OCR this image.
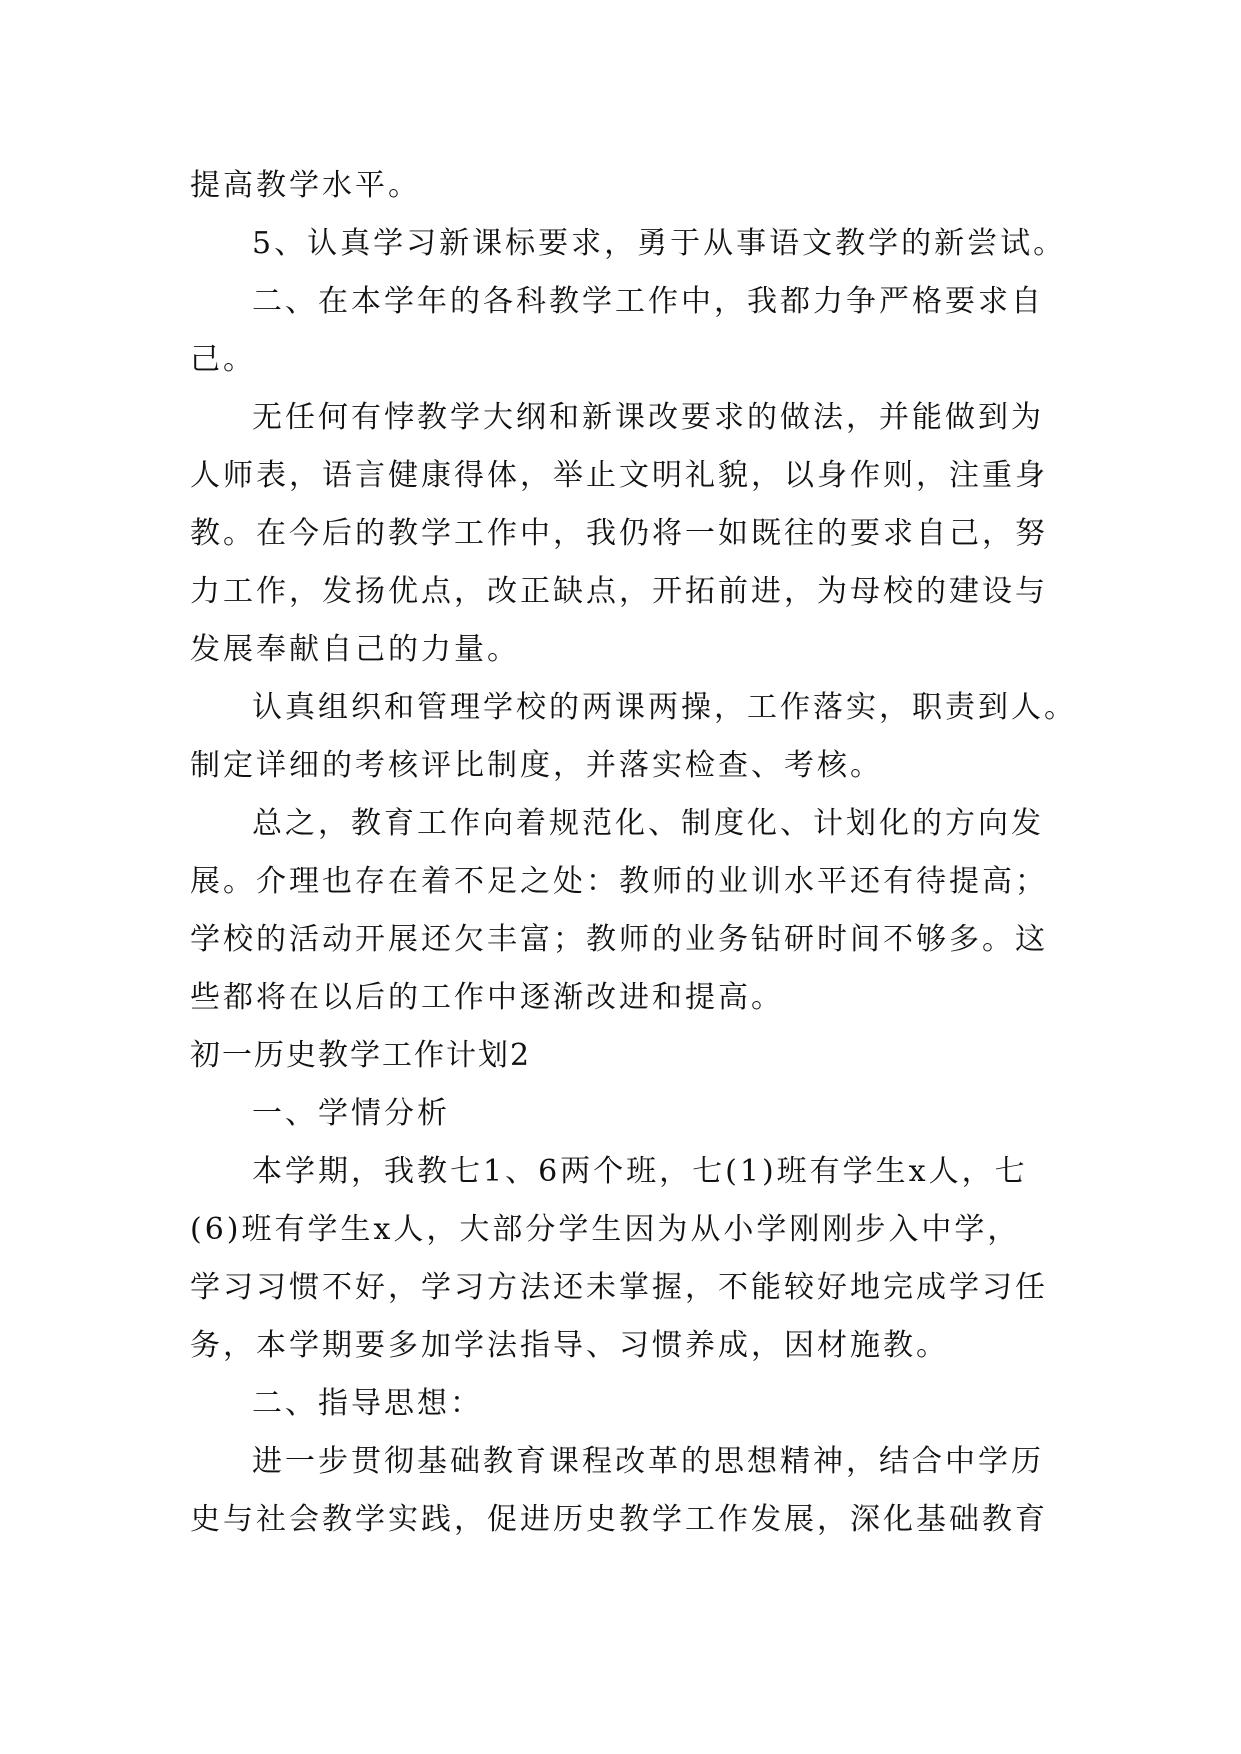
提高教学水平。

5、认真学习新课标要求，勇于从事语文教学的新尝试。

二、在本学年的各科教学工作中，我都力争严格要求自

己。

无任何有悖教学大纲和新课改要求的做法，并能做到为

人师表，语言健康得体，举止文明礼貌，以身作则，注重身

教。在今后的教学工作中，我仍将一如既往的要求自己，努

力工作，发扬优点，改正缺点，开拓前进，为母校的建设与

发展奉献自己的力量。

认真组织和管理学校的两课两操，工作落实，职责到人。

制定详细的考核评比制度，并落实检查、考核。

总之，教育工作向着规范化、制度化、计划化的方向发

展。介理也存在着不足之处：教师的业训水平还有待提高；

学校的活动开展还欠丰富；教师的业务钻研时间不够多。这

些都将在以后的工作中逐渐改进和提高。

初一历史教学工作计划2

一、学情分析

本学期，我教七1、6两个班，七(1)班有学生x人，七

(6)班有学生x人，大部分学生因为从小学刚刚步入中学，

学习习惯不好，学习方法还未掌握，不能较好地完成学习任

务，本学期要多加学法指导、习惯养成，因材施教。

二、指导思想：

进一步贯彻基础教育课程改革的思想精神，结合中学历

史与社会教学实践，促进历史教学工作发展，深化基础教育
